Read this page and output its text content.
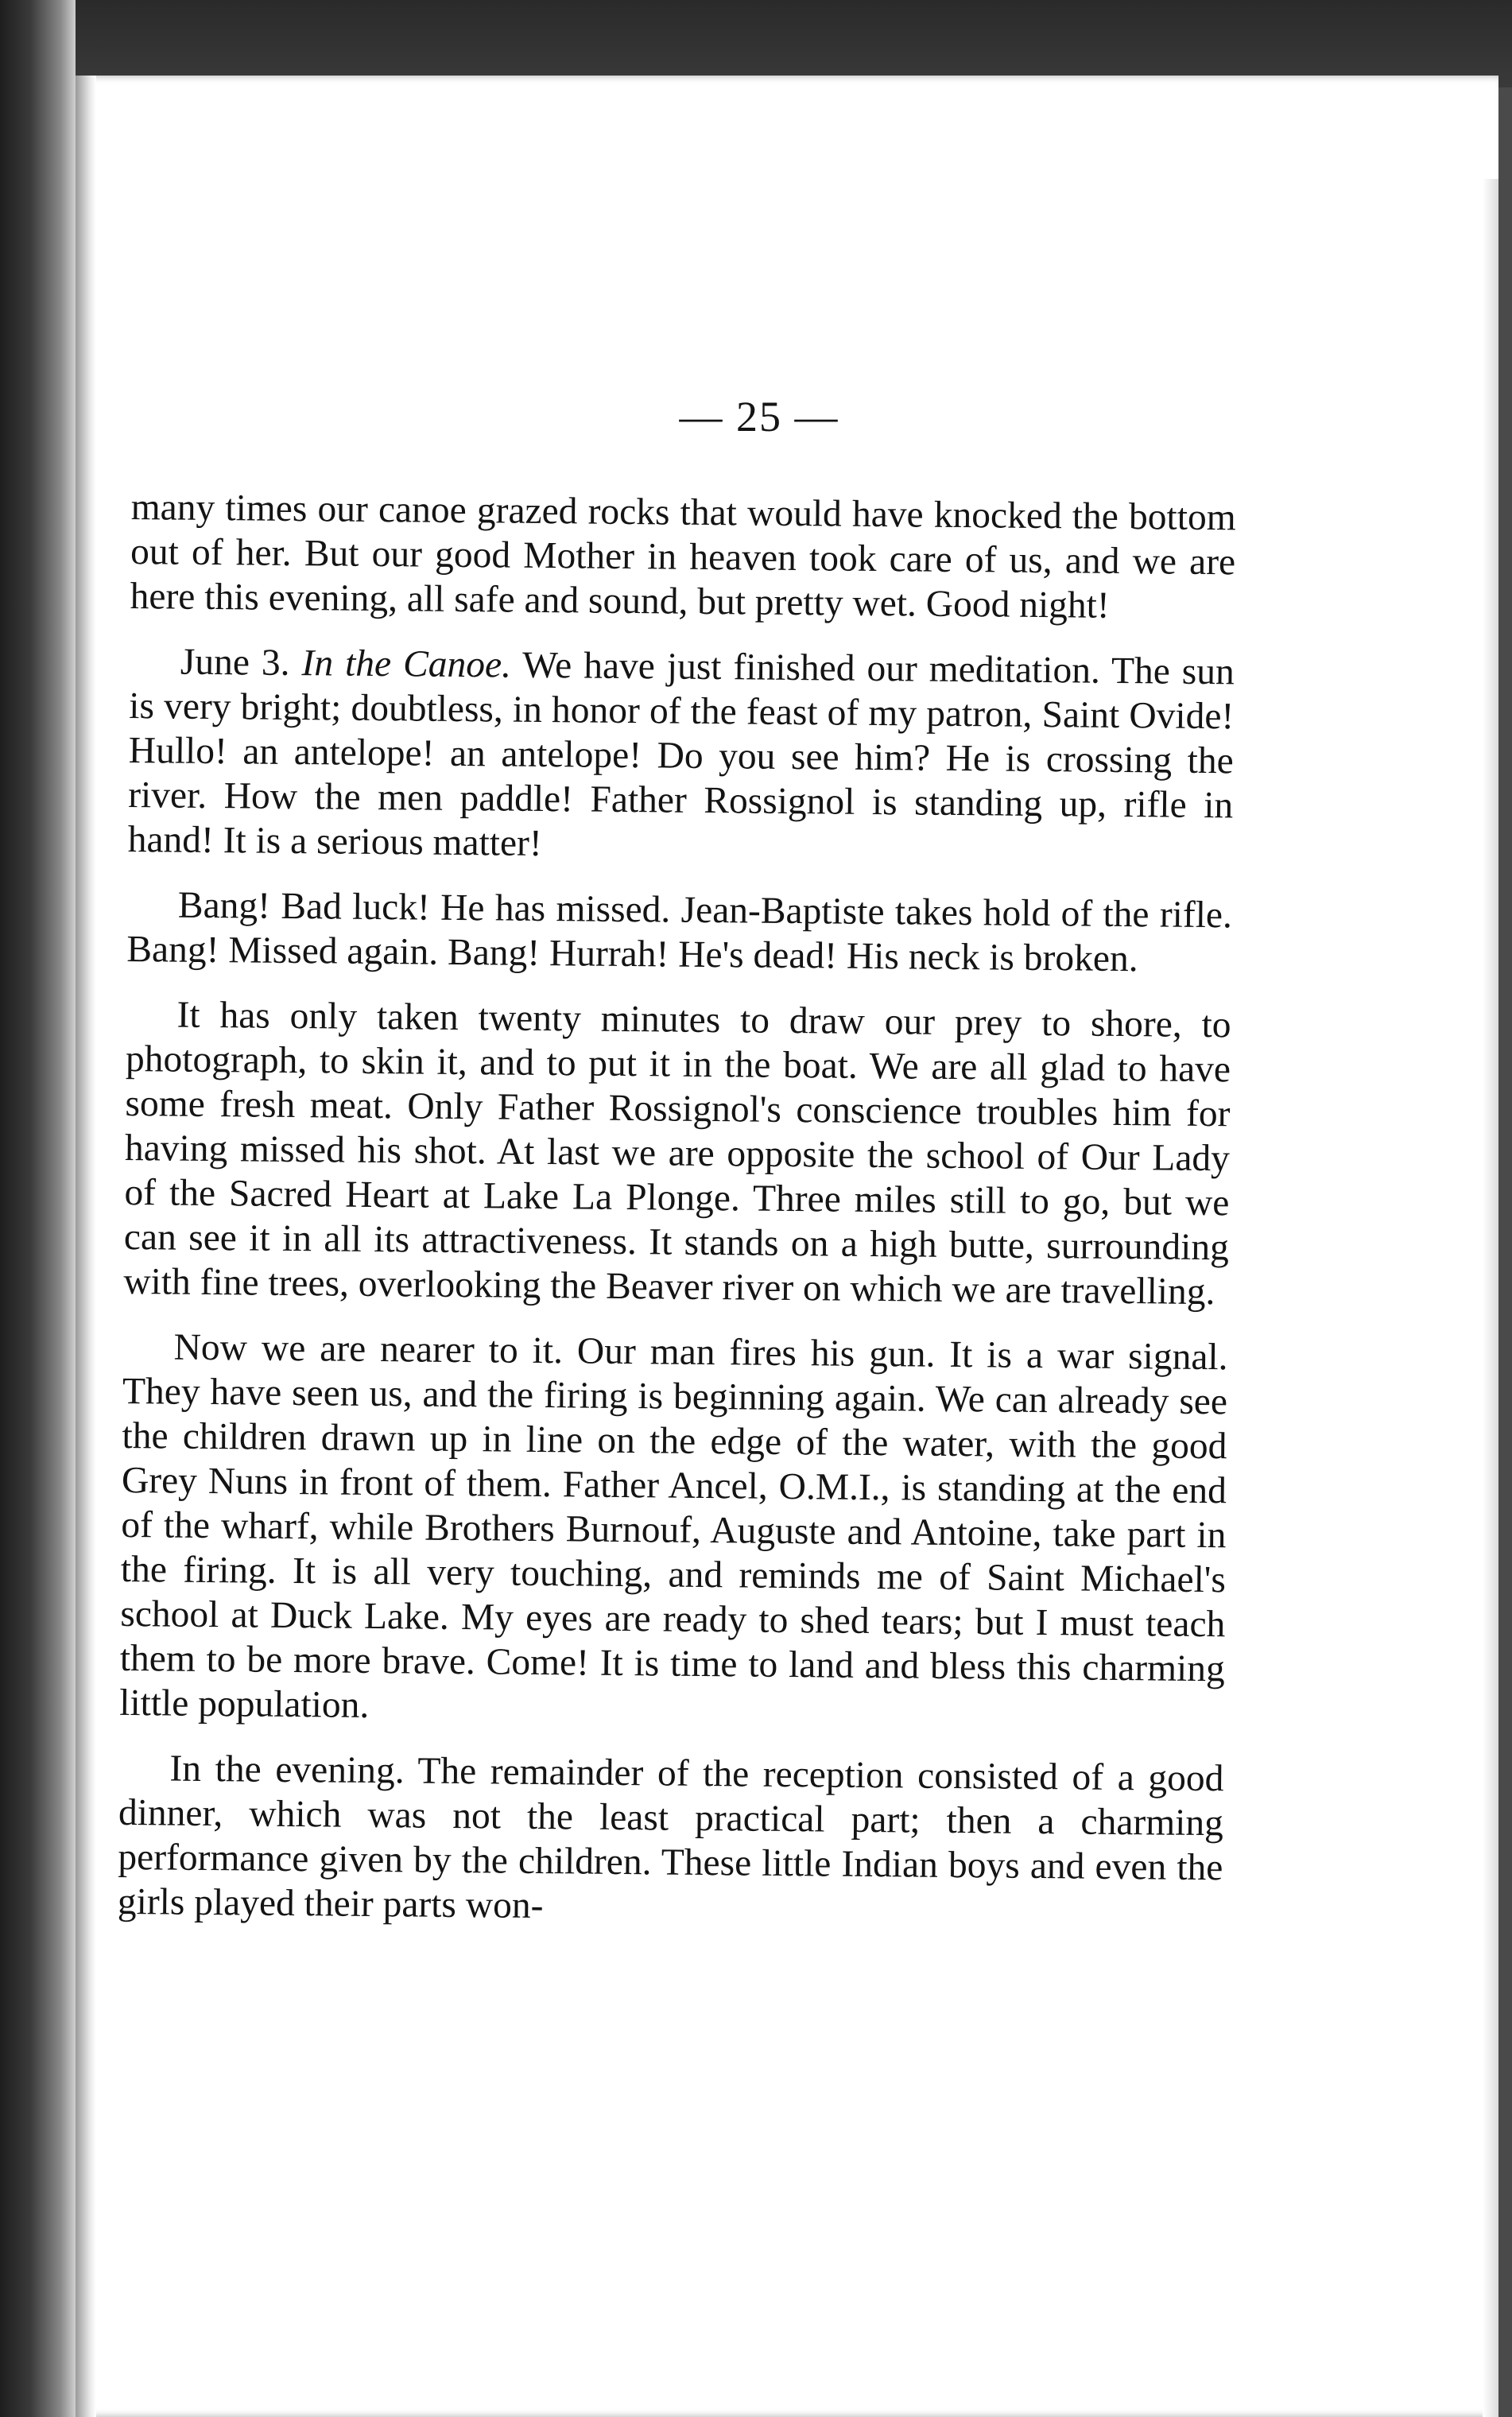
— 25 —

many times our canoe grazed rocks that would have knocked the bottom out of her. But our good Mother in heaven took care of us, and we are here this evening, all safe and sound, but pretty wet. Good night!

June 3. In the Canoe. We have just finished our meditation. The sun is very bright; doubtless, in honor of the feast of my patron, Saint Ovide! Hullo! an antelope! an antelope! Do you see him? He is crossing the river. How the men paddle! Father Rossignol is standing up, rifle in hand! It is a serious matter!

Bang! Bad luck! He has missed. Jean-Baptiste takes hold of the rifle. Bang! Missed again. Bang! Hurrah! He's dead! His neck is broken.

It has only taken twenty minutes to draw our prey to shore, to photograph, to skin it, and to put it in the boat. We are all glad to have some fresh meat. Only Father Rossignol's conscience troubles him for having missed his shot. At last we are opposite the school of Our Lady of the Sacred Heart at Lake La Plonge. Three miles still to go, but we can see it in all its attractiveness. It stands on a high butte, surrounding with fine trees, overlooking the Beaver river on which we are travelling.

Now we are nearer to it. Our man fires his gun. It is a war signal. They have seen us, and the firing is beginning again. We can already see the children drawn up in line on the edge of the water, with the good Grey Nuns in front of them. Father Ancel, O.M.I., is standing at the end of the wharf, while Brothers Burnouf, Auguste and Antoine, take part in the firing. It is all very touching, and reminds me of Saint Michael's school at Duck Lake. My eyes are ready to shed tears; but I must teach them to be more brave. Come! It is time to land and bless this charming little population.

In the evening. The remainder of the reception consisted of a good dinner, which was not the least practical part; then a charming performance given by the children. These little Indian boys and even the girls played their parts won-
